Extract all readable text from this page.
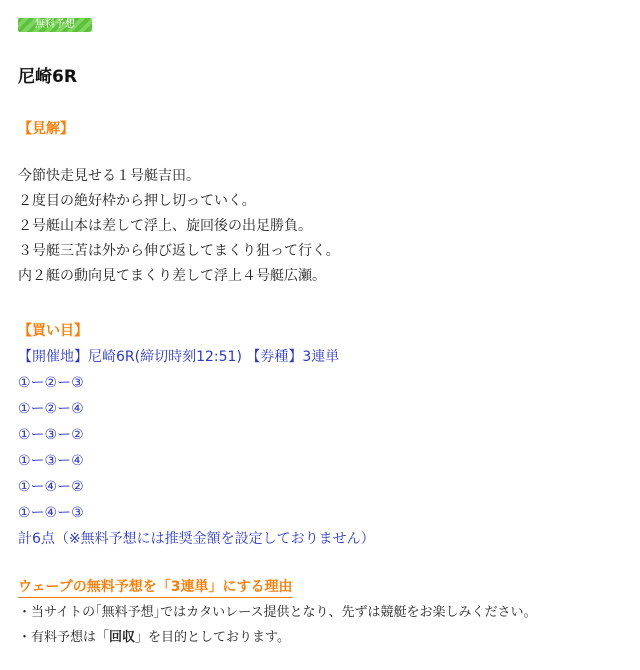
無料予想
尼崎6R
【見解】
今節快走見せる１号艇吉田。
２度目の絶好枠から押し切っていく。
２号艇山本は差して浮上、旋回後の出足勝負。
３号艇三苫は外から伸び返してまくり狙って行く。
内２艇の動向見てまくり差して浮上４号艇広瀬。
【買い目】
【開催地】尼崎6R(締切時刻12:51) 【券種】3連単
①ー②ー③
①ー②ー④
①ー③ー②
①ー③ー④
①ー④ー②
①ー④ー③
計6点（※無料予想には推奨金額を設定しておりません）
ウェーブの無料予想を「3連単」にする理由
・当サイトの｢無料予想｣ではカタいレース提供となり、先ずは競艇をお楽しみください。
・有料予想は「回収」を目的としております。
